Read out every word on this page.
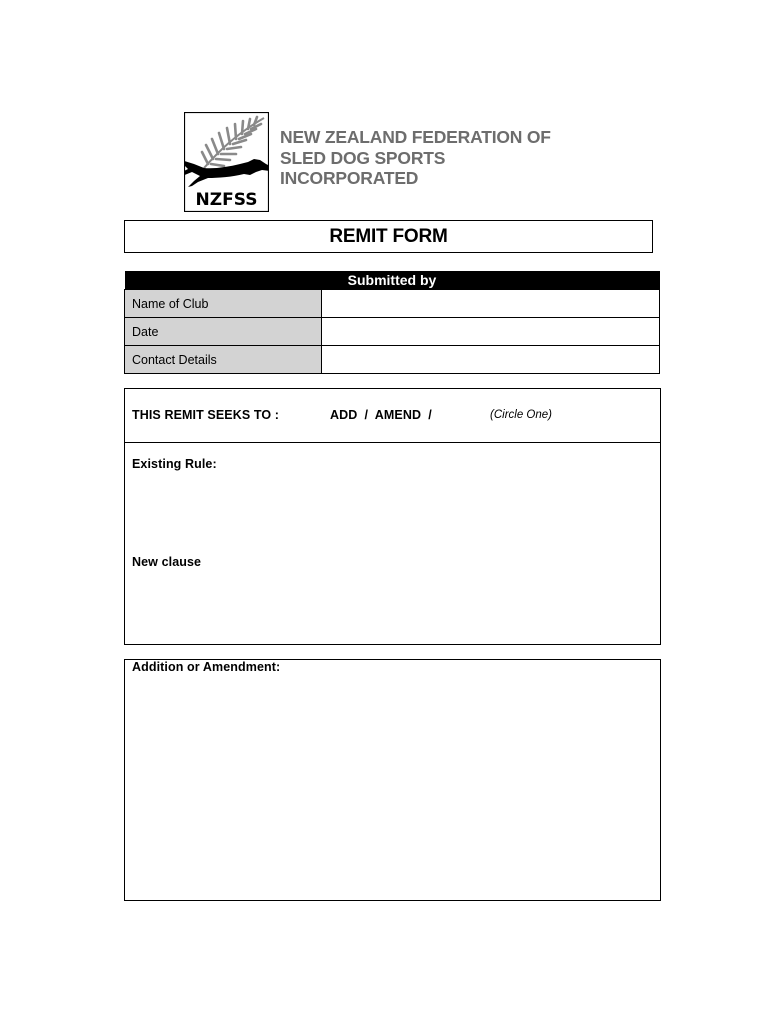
NZFSS
NEW ZEALAND FEDERATION OF
SLED DOG SPORTS
INCORPORATED
REMIT FORM
Submitted by	
Name of Club	
Date	
Contact Details	
THIS REMIT SEEKS TO :	ADD  /  AMEND  /	(Circle One)
Existing Rule:
New clause
Addition or Amendment:
